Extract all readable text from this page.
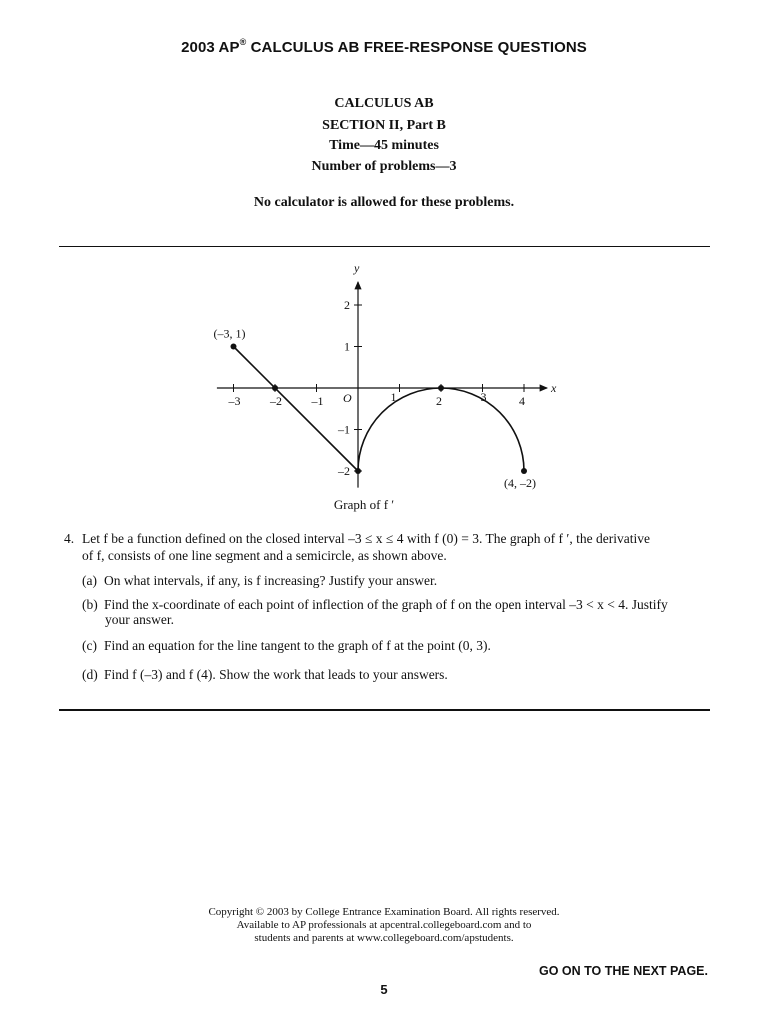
2003 AP® CALCULUS AB FREE-RESPONSE QUESTIONS
CALCULUS AB
SECTION II, Part B
Time—45 minutes
Number of problems—3
No calculator is allowed for these problems.
–3 –2 –1	1	2	3	4
2
1
–1
–2
x
y
O
(–3, 1)
(4, –2)
Graph of f ′
4. Let f be a function defined on the closed interval –3 ≤ x ≤ 4 with f (0) = 3. The graph of f ′, the derivative
of f, consists of one line segment and a semicircle, as shown above.
(a) On what intervals, if any, is f increasing? Justify your answer.
(b) Find the x-coordinate of each point of inflection of the graph of f on the open interval –3 < x < 4. Justify
your answer.
(c) Find an equation for the line tangent to the graph of f at the point (0, 3).
(d) Find f (–3) and f (4). Show the work that leads to your answers.
Copyright © 2003 by College Entrance Examination Board. All rights reserved.
Available to AP professionals at apcentral.collegeboard.com and to
students and parents at www.collegeboard.com/apstudents.
GO ON TO THE NEXT PAGE.
5
